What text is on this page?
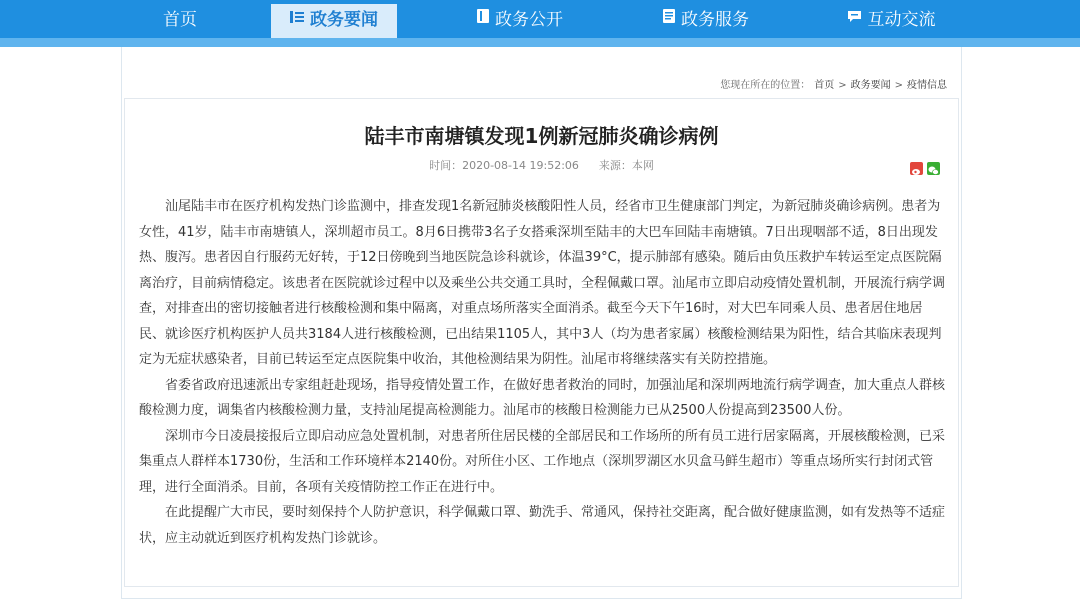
首页	政务要闻	政务公开	政务服务	互动交流
您现在所在的位置： 首页 > 政务要闻 > 疫情信息
陆丰市南塘镇发现1例新冠肺炎确诊病例
时间：2020-08-14 19:52:06 来源：本网

汕尾陆丰市在医疗机构发热门诊监测中，排查发现1名新冠肺炎核酸阳性人员，经省市卫生健康部门判定，为新冠肺炎确诊病例。患者为女性，41岁，陆丰市南塘镇人，深圳超市员工。8月6日携带3名子女搭乘深圳至陆丰的大巴车回陆丰南塘镇。7日出现咽部不适，8日出现发热、腹泻。患者因自行服药无好转，于12日傍晚到当地医院急诊科就诊，体温39°C，提示肺部有感染。随后由负压救护车转运至定点医院隔离治疗，目前病情稳定。该患者在医院就诊过程中以及乘坐公共交通工具时，全程佩戴口罩。汕尾市立即启动疫情处置机制，开展流行病学调查，对排查出的密切接触者进行核酸检测和集中隔离，对重点场所落实全面消杀。截至今天下午16时，对大巴车同乘人员、患者居住地居民、就诊医疗机构医护人员共3184人进行核酸检测，已出结果1105人，其中3人（均为患者家属）核酸检测结果为阳性，结合其临床表现判定为无症状感染者，目前已转运至定点医院集中收治，其他检测结果为阴性。汕尾市将继续落实有关防控措施。

省委省政府迅速派出专家组赶赴现场，指导疫情处置工作，在做好患者救治的同时，加强汕尾和深圳两地流行病学调查，加大重点人群核酸检测力度，调集省内核酸检测力量，支持汕尾提高检测能力。汕尾市的核酸日检测能力已从2500人份提高到23500人份。

深圳市今日凌晨接报后立即启动应急处置机制，对患者所住居民楼的全部居民和工作场所的所有员工进行居家隔离，开展核酸检测，已采集重点人群样本1730份，生活和工作环境样本2140份。对所住小区、工作地点（深圳罗湖区水贝盒马鲜生超市）等重点场所实行封闭式管理，进行全面消杀。目前，各项有关疫情防控工作正在进行中。

在此提醒广大市民，要时刻保持个人防护意识，科学佩戴口罩、勤洗手、常通风，保持社交距离，配合做好健康监测，如有发热等不适症状，应主动就近到医疗机构发热门诊就诊。
